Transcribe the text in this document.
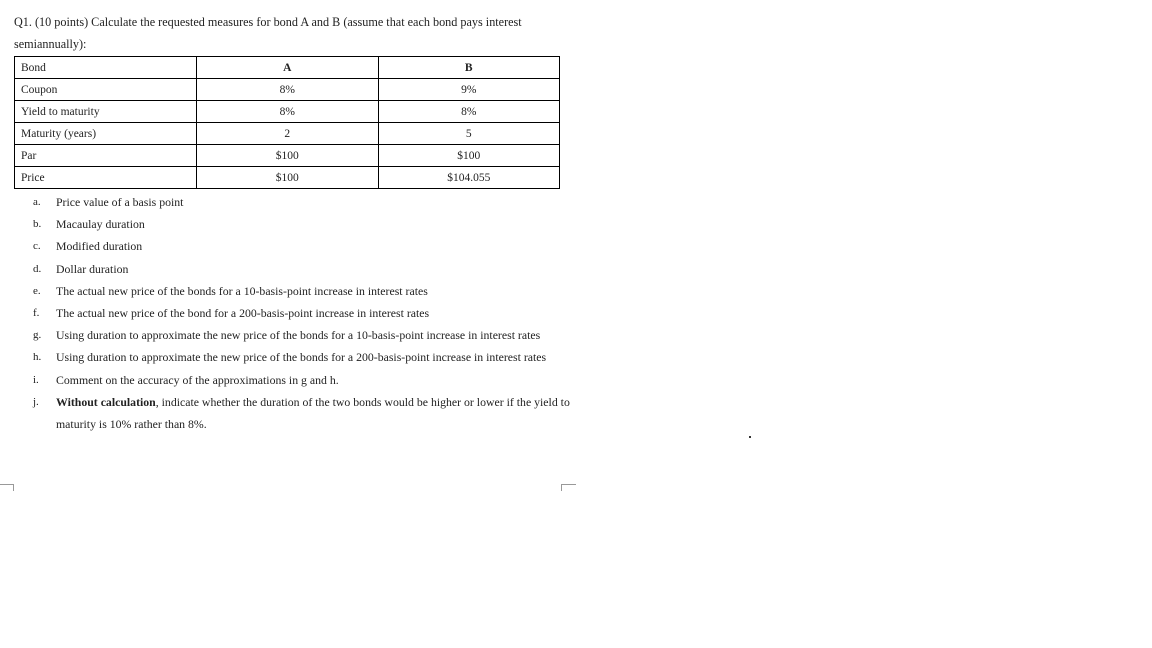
Q1. (10 points) Calculate the requested measures for bond A and B (assume that each bond pays interest semiannually):
Bond	A	B
Coupon	8%	9%
Yield to maturity	8%	8%
Maturity (years)	2	5
Par	$100	$100
Price	$100	$104.055
a. Price value of a basis point
b. Macaulay duration
c. Modified duration
d. Dollar duration
e. The actual new price of the bonds for a 10-basis-point increase in interest rates
f. The actual new price of the bond for a 200-basis-point increase in interest rates
g. Using duration to approximate the new price of the bonds for a 10-basis-point increase in interest rates
h. Using duration to approximate the new price of the bonds for a 200-basis-point increase in interest rates
i. Comment on the accuracy of the approximations in g and h.
j. Without calculation, indicate whether the duration of the two bonds would be higher or lower if the yield to maturity is 10% rather than 8%.
